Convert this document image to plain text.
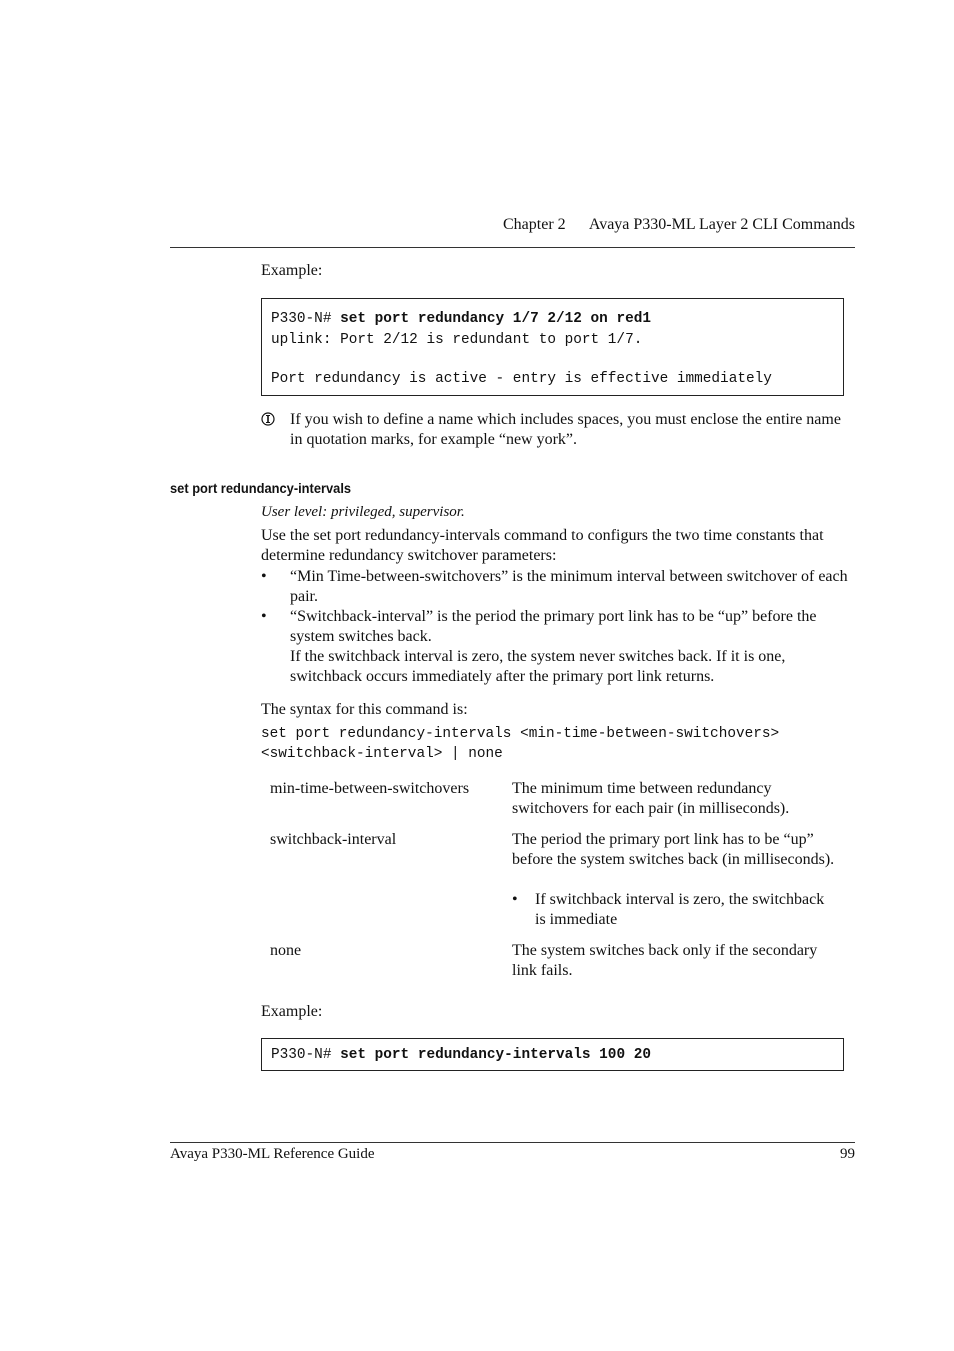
Chapter 2 Avaya P330-ML Layer 2 CLI Commands
Example:
P330-N# set port redundancy 1/7 2/12 on red1
uplink: Port 2/12 is redundant to port 1/7.
Port redundancy is active - entry is effective immediately
If you wish to define a name which includes spaces, you must enclose the entire name in quotation marks, for example “new york”.
set port redundancy-intervals
User level: privileged, supervisor.
Use the set port redundancy-intervals command to configurs the two time constants that determine redundancy switchover parameters:
•	“Min Time-between-switchovers” is the minimum interval between switchover of each pair.
•	“Switchback-interval” is the period the primary port link has to be “up” before the system switches back.
If the switchback interval is zero, the system never switches back. If it is one, switchback occurs immediately after the primary port link returns.
The syntax for this command is:
set port redundancy-intervals <min-time-between-switchovers>
<switchback-interval> | none
min-time-between-switchovers	The minimum time between redundancy switchovers for each pair (in milliseconds).
switchback-interval	The period the primary port link has to be “up” before the system switches back (in milliseconds).
• If switchback interval is zero, the switchback is immediate
none	The system switches back only if the secondary link fails.
Example:
P330-N# set port redundancy-intervals 100 20
Avaya P330-ML Reference Guide	99
